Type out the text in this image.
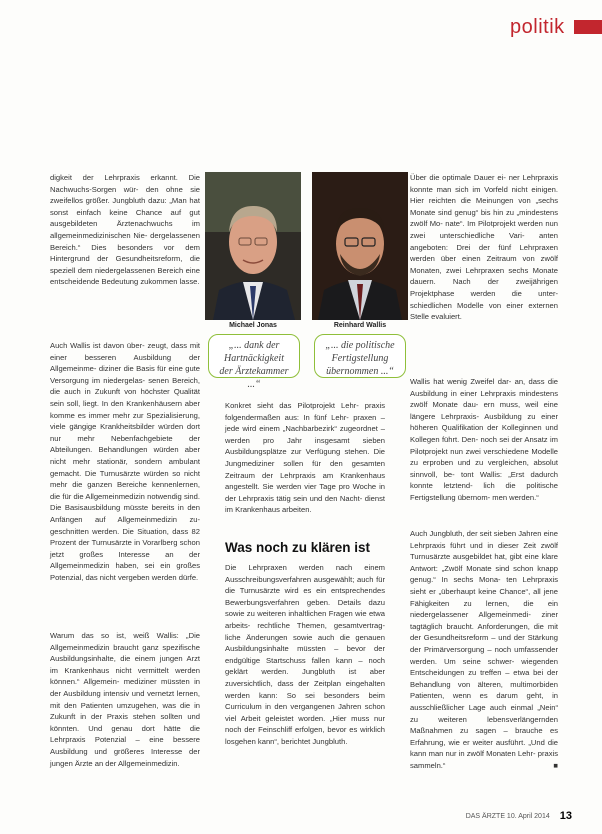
politik

digkeit der Lehrpraxis erkannt. Die Nachwuchs-Sorgen wür- den ohne sie zweifellos größer. Jungbluth dazu: „Man hat sonst einfach keine Chance auf gut ausgebildeten Ärztenachwuchs im allgemeinmedizinischen Nie- dergelassenen Bereich.“ Dies besonders vor dem Hintergrund der Gesundheitsreform, die speziell dem niedergelassenen Bereich eine entscheidende Bedeutung zukommen lasse.

Auch Wallis ist davon über- zeugt, dass mit einer besseren Ausbildung der Allgemeinme- diziner die Basis für eine gute Versorgung im niedergelas- senen Bereich, die auch in Zukunft von höchster Qualität sein soll, liegt. In den Krankenhäusern aber komme es immer mehr zur Spezialisierung, viele gängige Krankheitsbilder würden dort nur mehr Nebenfachgebiete der Abteilungen. Behandlungen würden aber nicht mehr stationär, sondern ambulant gemacht. Die Turnusärzte würden so nicht mehr die ganzen Bereiche kennenlernen, die für die Allgemeinmedizin notwendig sind. Die Basisausbildung müsste bereits in den Anfängen auf Allgemeinmedizin zu- geschnitten werden. Die Situation, dass 82 Prozent der Turnusärzte in Vorarlberg schon jetzt großes Interesse an der Allgemeinmedizin haben, sei ein großes Potenzial, das nicht vergeben werden dürfe.

Warum das so ist, weiß Wallis: „Die Allgemeinmedizin braucht ganz spezifische Ausbildungsinhalte, die einem jungen Arzt im Krankenhaus nicht vermittelt werden können.“ Allgemein- mediziner müssten in der Ausbildung intensiv und vernetzt lernen, mit den Patienten umzugehen, was die in Zukunft in der Praxis stehen sollten und könnten. Und genau dort hätte die Lehrpraxis Potenzial – eine bessere Ausbildung und größeres Interesse der jungen Ärzte an der Allgemeinmedizin.

Michael Jonas
„... dank der Hartnäckigkeit der Ärztekammer ...“
Reinhard Wallis
„... die politische Fertigstellung übernommen ...“

Konkret sieht das Pilotprojekt Lehr- praxis folgendermaßen aus: In fünf Lehr- praxen – jede wird einem „Nachbarbezirk“ zugeordnet – werden pro Jahr insgesamt sieben Ausbildungsplätze zur Verfügung stehen. Die Jungmediziner sollen für den gesamten Zeitraum der Lehrpraxis am Krankenhaus angestellt. Sie werden vier Tage pro Woche in der Lehrpraxis tätig sein und den Nacht- dienst im Krankenhaus arbeiten.

Was noch zu klären ist

Die Lehrpraxen werden nach einem Ausschreibungsverfahren ausgewählt; auch für die Turnusärzte wird es ein entsprechendes Bewerbungsverfahren geben. Details dazu sowie zu weiteren inhaltlichen Fragen wie etwa arbeits- rechtliche Themen, gesamtvertrag- liche Änderungen sowie auch die genauen Ausbildungsinhalte müssten – bevor der endgültige Startschuss fallen kann – noch geklärt werden. Jungbluth ist aber zuversichtlich, dass der Zeitplan eingehalten werden kann: So sei besonders beim Curriculum in den vergangenen Jahren schon viel Arbeit geleistet worden. „Hier muss nur noch der Feinschliff erfolgen, bevor es wirklich losgehen kann“, berichtet Jungbluth.

Über die optimale Dauer ei- ner Lehrpraxis konnte man sich im Vorfeld nicht einigen. Hier reichten die Meinungen von „sechs Monate sind genug“ bis hin zu „mindestens zwölf Mo- nate“. Im Pilotprojekt werden nun zwei unterschiedliche Vari- anten angeboten: Drei der fünf Lehrpraxen werden über einen Zeitraum von zwölf Monaten, zwei Lehrpraxen sechs Monate dauern. Nach der zweijährigen Projektphase werden die unter- schiedlichen Modelle von einer externen Stelle evaluiert.

Wallis hat wenig Zweifel dar- an, dass die Ausbildung in einer Lehrpraxis mindestens zwölf Monate dau- ern muss, weil eine längere Lehrpraxis- Ausbildung zu einer höheren Qualifikation der Kolleginnen und Kollegen führt. Den- noch sei der Ansatz im Pilotprojekt nun zwei verschiedene Modelle zu erproben und zu vergleichen, absolut sinnvoll, be- tont Wallis: „Erst dadurch konnte letztend- lich die politische Fertigstellung übernom- men werden.“

Auch Jungbluth, der seit sieben Jahren eine Lehrpraxis führt und in dieser Zeit zwölf Turnusärzte ausgebildet hat, gibt eine klare Antwort: „Zwölf Monate sind schon knapp genug.“ In sechs Mona- ten Lehrpraxis sieht er „überhaupt keine Chance“, all jene Fähigkeiten zu lernen, die ein niedergelassener Allgemeinmedi- ziner tagtäglich braucht. Anforderungen, die mit der Gesundheitsreform – und der Stärkung der Primärversorgung – noch umfassender werden. Um seine schwer- wiegenden Entscheidungen zu treffen – etwa bei der Behandlung von älteren, multimorbiden Patienten, wenn es darum geht, in ausschließlicher Lage auch einmal „Nein“ zu weiteren lebensverlängernden Maßnahmen zu sagen – brauche es Erfahrung, wie er weiter ausführt. „Und die kann man nur in zwölf Monaten Lehr- praxis sammeln.“	■

DAS ÄRZTE 10. April 2014 13
